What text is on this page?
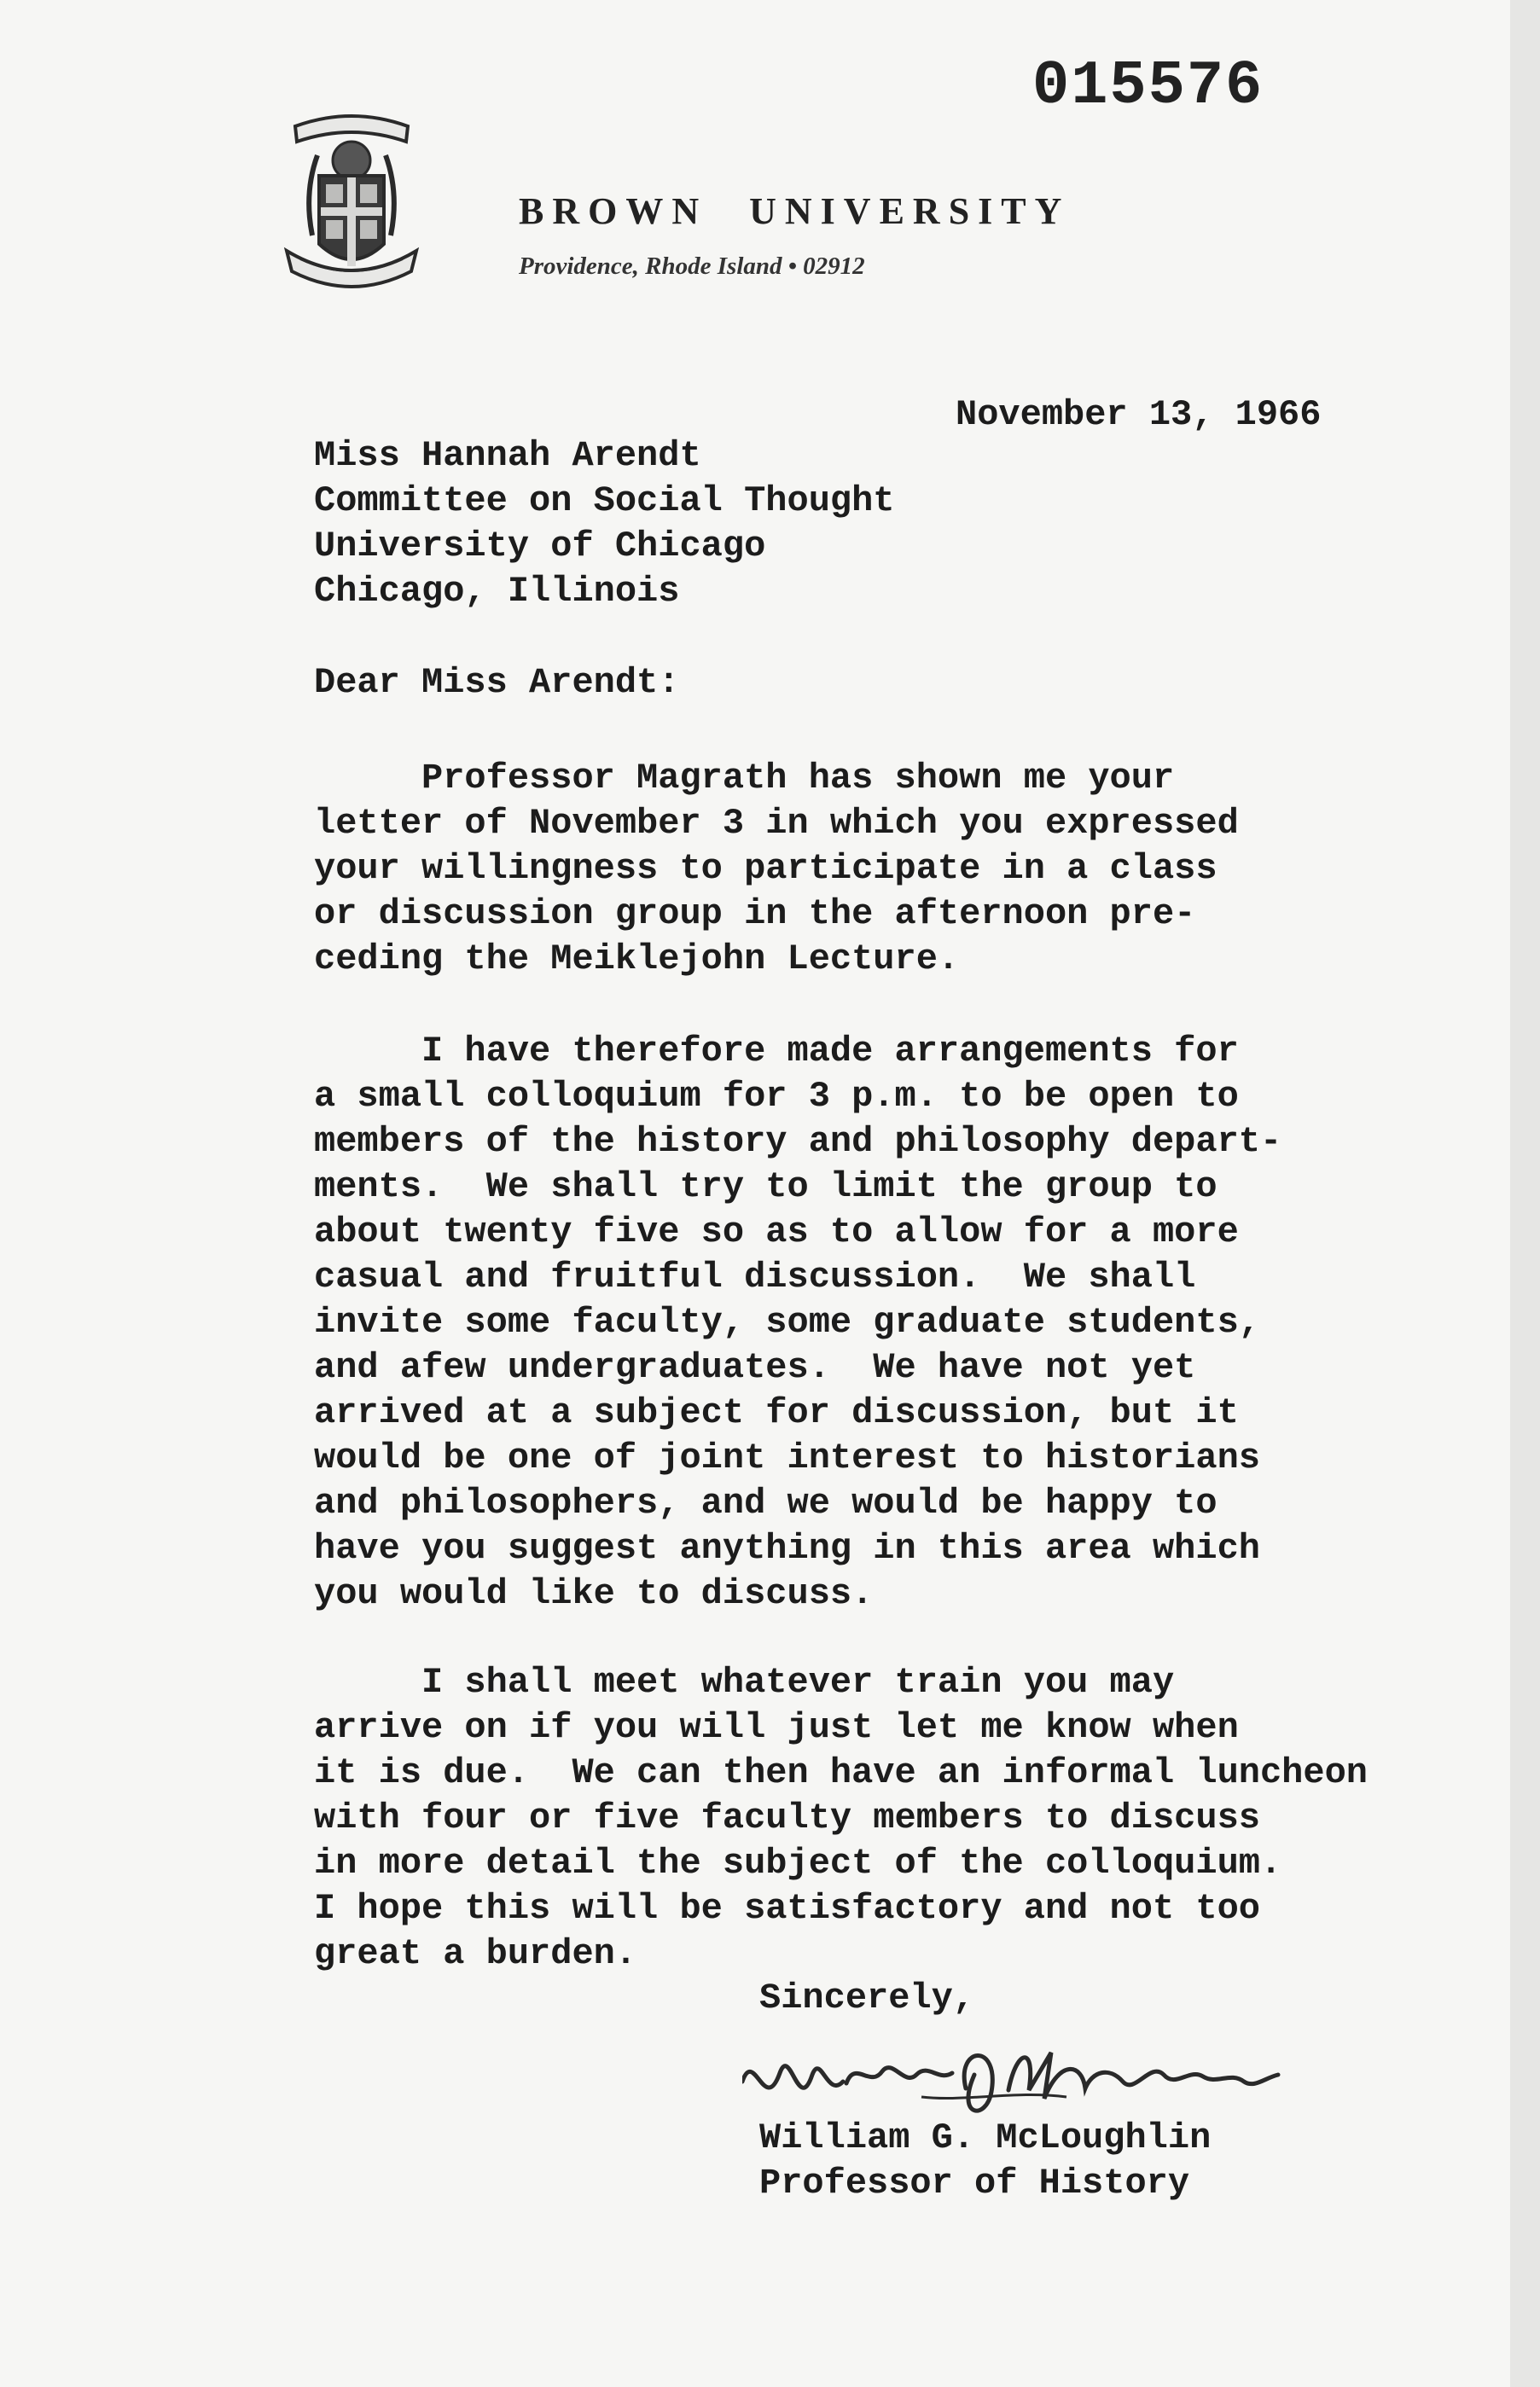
015576
BROWN UNIVERSITY
Providence, Rhode Island • 02912
November 13, 1966
Miss Hannah Arendt
Committee on Social Thought
University of Chicago
Chicago, Illinois
Dear Miss Arendt:
Professor Magrath has shown me your
letter of November 3 in which you expressed
your willingness to participate in a class
or discussion group in the afternoon pre-
ceding the Meiklejohn Lecture.
I have therefore made arrangements for
a small colloquium for 3 p.m. to be open to
members of the history and philosophy depart-
ments.  We shall try to limit the group to
about twenty five so as to allow for a more
casual and fruitful discussion.  We shall
invite some faculty, some graduate students,
and afew undergraduates.  We have not yet
arrived at a subject for discussion, but it
would be one of joint interest to historians
and philosophers, and we would be happy to
have you suggest anything in this area which
you would like to discuss.
I shall meet whatever train you may
arrive on if you will just let me know when
it is due.  We can then have an informal luncheon
with four or five faculty members to discuss
in more detail the subject of the colloquium.
I hope this will be satisfactory and not too
great a burden.
Sincerely,
William G. McLoughlin
Professor of History
